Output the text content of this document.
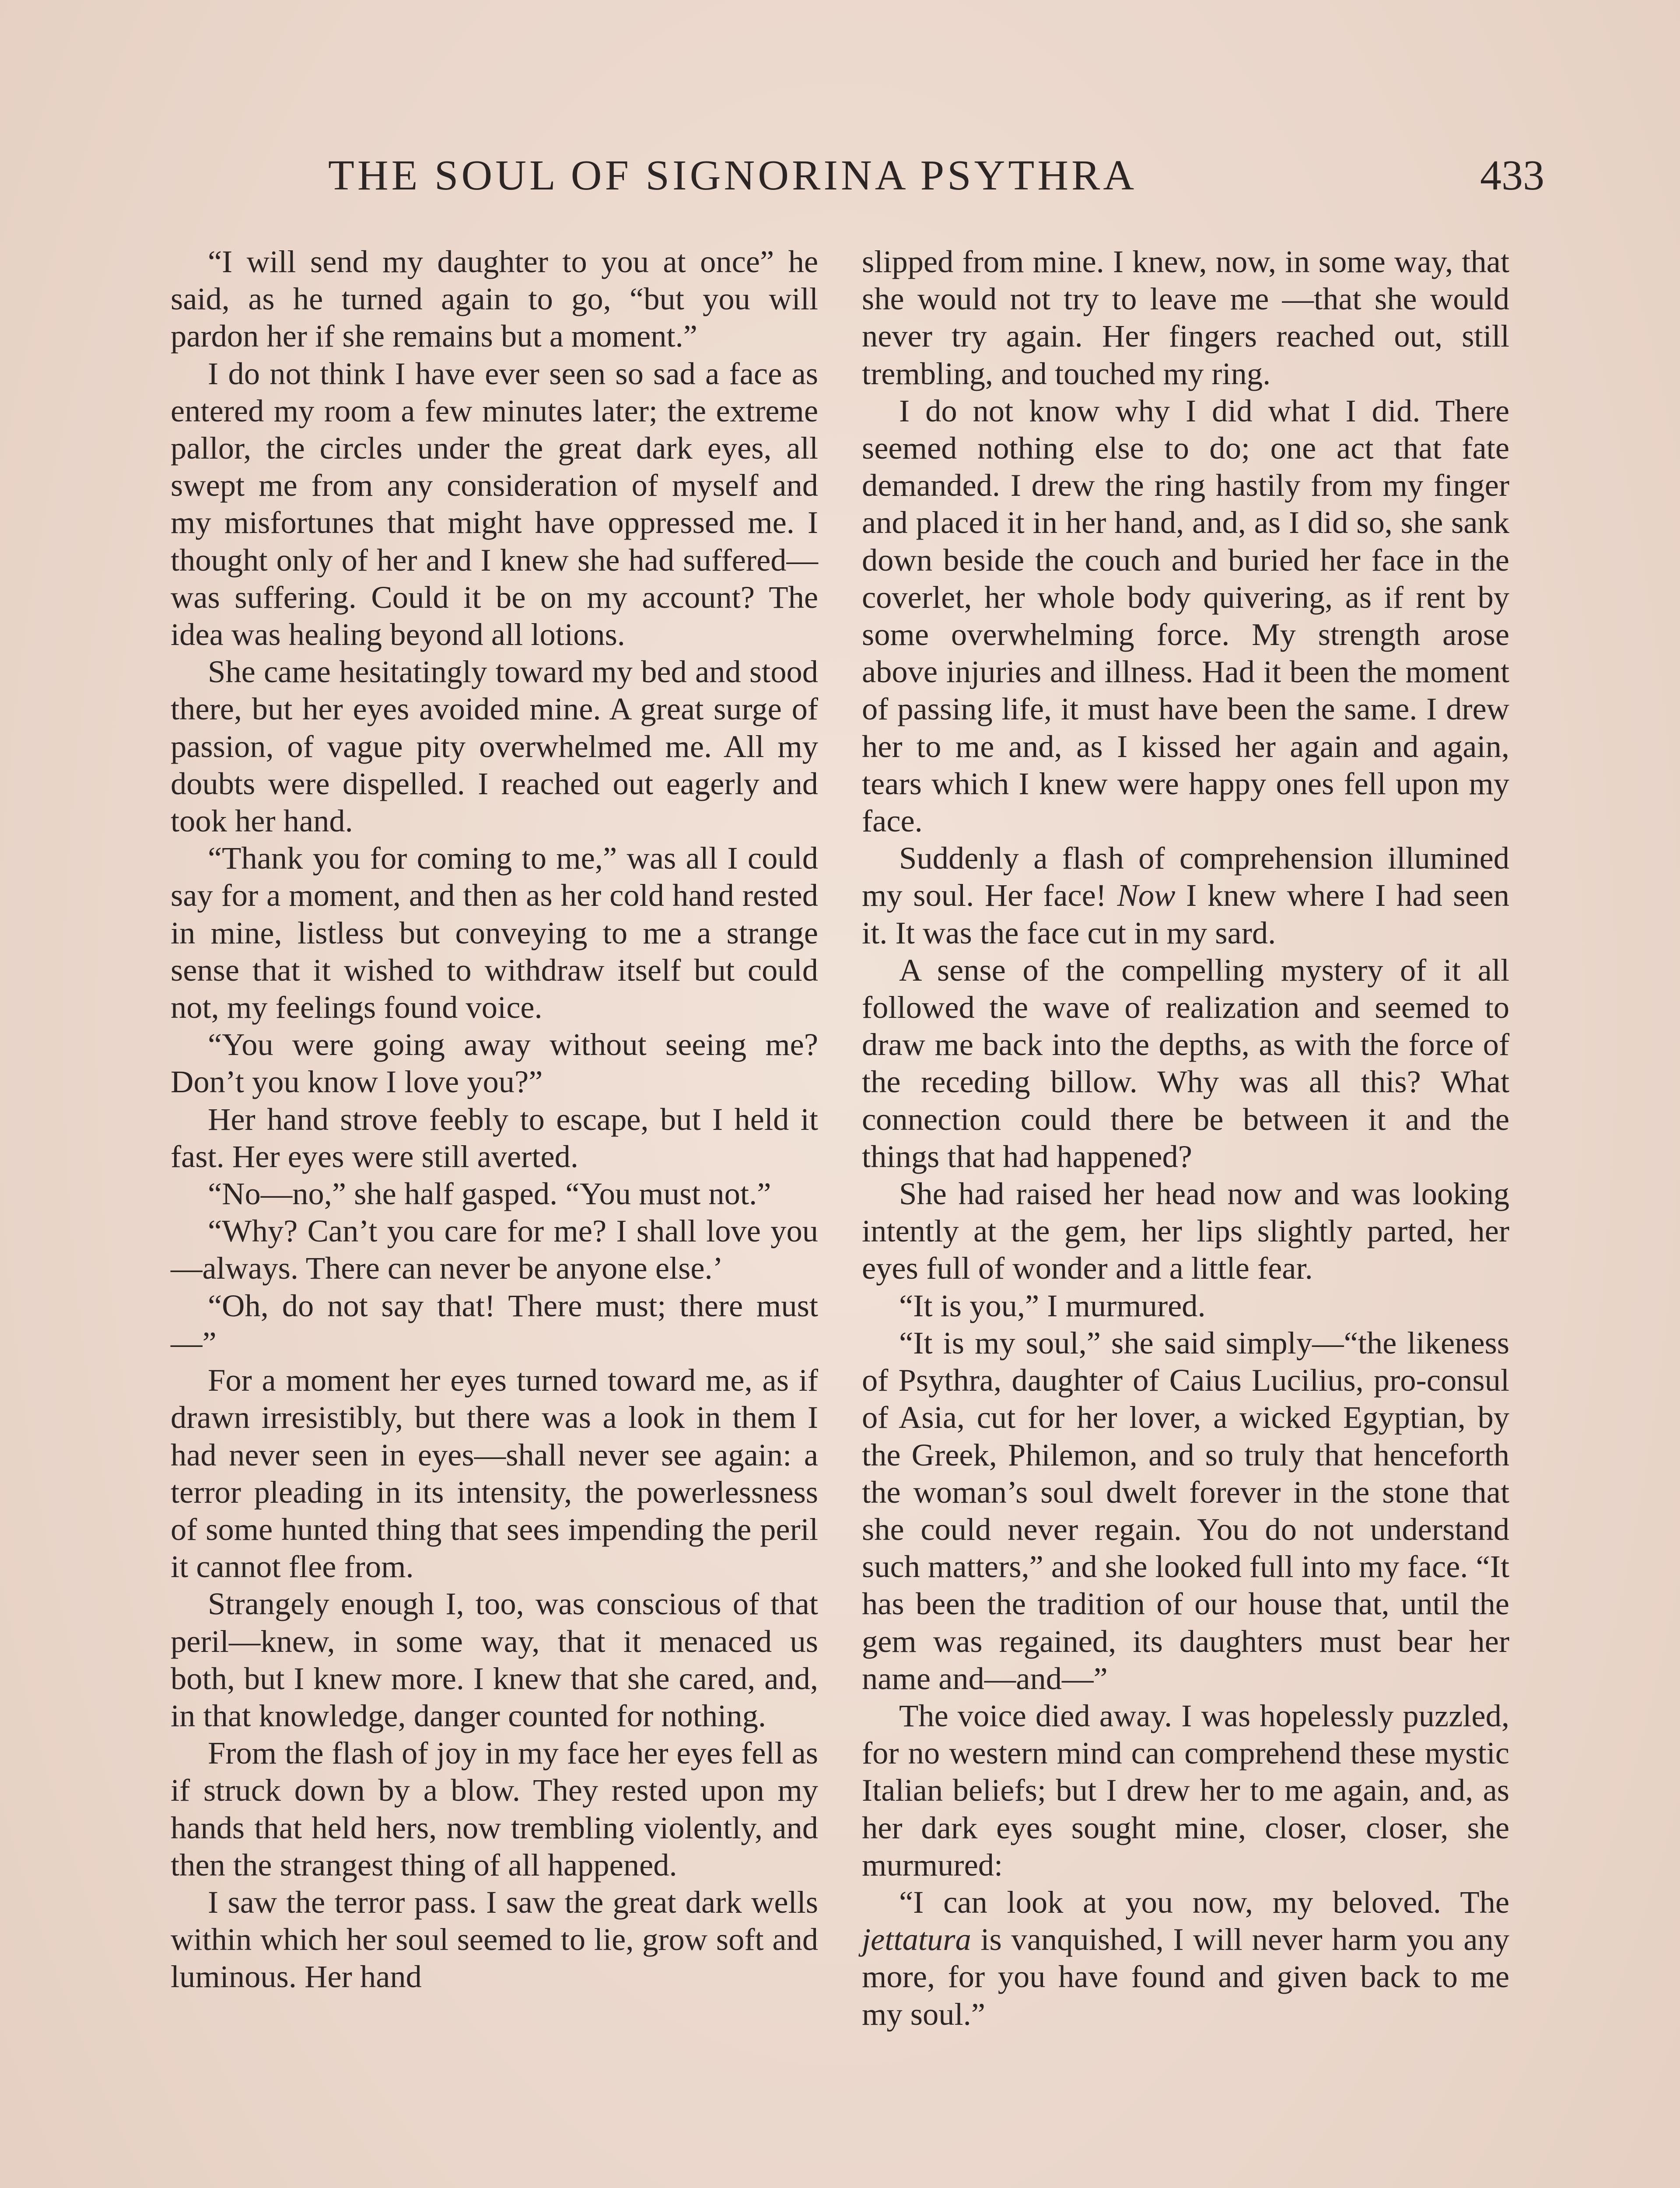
THE SOUL OF SIGNORINA PSYTHRA	433

“I will send my daughter to you at once” he said, as he turned again to go, “but you will pardon her if she remains but a moment.”

I do not think I have ever seen so sad a face as entered my room a few minutes later; the extreme pallor, the circles under the great dark eyes, all swept me from any consideration of myself and my misfortunes that might have oppressed me. I thought only of her and I knew she had suffered—was suffering. Could it be on my account? The idea was healing beyond all lotions.

She came hesitatingly toward my bed and stood there, but her eyes avoided mine. A great surge of passion, of vague pity overwhelmed me. All my doubts were dispelled. I reached out eagerly and took her hand.

“Thank you for coming to me,” was all I could say for a moment, and then as her cold hand rested in mine, listless but conveying to me a strange sense that it wished to withdraw itself but could not, my feelings found voice.

“You were going away without seeing me? Don’t you know I love you?”

Her hand strove feebly to escape, but I held it fast. Her eyes were still averted.

“No—no,” she half gasped. “You must not.”

“Why? Can’t you care for me? I shall love you—always. There can never be anyone else.’

“Oh, do not say that! There must; there must—”

For a moment her eyes turned toward me, as if drawn irresistibly, but there was a look in them I had never seen in eyes—shall never see again: a terror pleading in its intensity, the powerlessness of some hunted thing that sees impending the peril it cannot flee from.

Strangely enough I, too, was conscious of that peril—knew, in some way, that it menaced us both, but I knew more. I knew that she cared, and, in that knowledge, danger counted for nothing.

From the flash of joy in my face her eyes fell as if struck down by a blow. They rested upon my hands that held hers, now trembling violently, and then the strangest thing of all happened.

I saw the terror pass. I saw the great dark wells within which her soul seemed to lie, grow soft and luminous. Her hand

slipped from mine. I knew, now, in some way, that she would not try to leave me —that she would never try again. Her fingers reached out, still trembling, and touched my ring.

I do not know why I did what I did. There seemed nothing else to do; one act that fate demanded. I drew the ring hastily from my finger and placed it in her hand, and, as I did so, she sank down beside the couch and buried her face in the coverlet, her whole body quivering, as if rent by some overwhelming force. My strength arose above injuries and illness. Had it been the moment of passing life, it must have been the same. I drew her to me and, as I kissed her again and again, tears which I knew were happy ones fell upon my face.

Suddenly a flash of comprehension illumined my soul. Her face! Now I knew where I had seen it. It was the face cut in my sard.

A sense of the compelling mystery of it all followed the wave of realization and seemed to draw me back into the depths, as with the force of the receding billow. Why was all this? What connection could there be between it and the things that had happened?

She had raised her head now and was looking intently at the gem, her lips slightly parted, her eyes full of wonder and a little fear.

“It is you,” I murmured.

“It is my soul,” she said simply—“the likeness of Psythra, daughter of Caius Lucilius, pro-consul of Asia, cut for her lover, a wicked Egyptian, by the Greek, Philemon, and so truly that henceforth the woman’s soul dwelt forever in the stone that she could never regain. You do not understand such matters,” and she looked full into my face. “It has been the tradition of our house that, until the gem was regained, its daughters must bear her name and—and—”

The voice died away. I was hopelessly puzzled, for no western mind can comprehend these mystic Italian beliefs; but I drew her to me again, and, as her dark eyes sought mine, closer, closer, she murmured:

“I can look at you now, my beloved. The jettatura is vanquished, I will never harm you any more, for you have found and given back to me my soul.”
